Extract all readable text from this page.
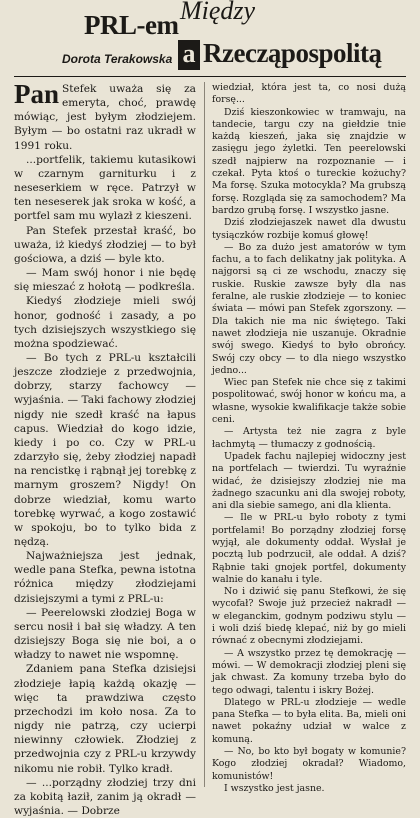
PRL-em Między
a Rzecząpospolitą
Dorota Terakowska

Pan Stefek uważa się za emeryta, choć, prawdę mówiąc, jest byłym złodziejem. Byłym — bo ostatni raz ukradł w 1991 roku.

...portfelik, takiemu kutasikowi w czarnym garniturku i z neseserkiem w ręce. Patrzył w ten neseserek jak sroka w kość, a portfel sam mu wylazł z kieszeni.

Pan Stefek przestał kraść, bo uważa, iż kiedyś złodziej — to był gościowa, a dziś — byle kto.

— Mam swój honor i nie będę się mieszać z hołotą — podkreśla.

Kiedyś złodzieje mieli swój honor, godność i zasady, a po tych dzisiejszych wszystkiego się można spodziewać.

— Bo tych z PRL-u kształcili jeszcze złodzieje z przedwojnia, dobrzy, starzy fachowcy — wyjaśnia. — Taki fachowy złodziej nigdy nie szedł kraść na łapus capus. Wiedział do kogo idzie, kiedy i po co. Czy w PRL-u zdarzyło się, żeby złodziej napadł na rencistkę i rąbnął jej torebkę z marnym groszem? Nigdy! On dobrze wiedział, komu warto torebkę wyrwać, a kogo zostawić w spokoju, bo to tylko bida z nędzą.

Najważniejsza jest jednak, wedle pana Stefka, pewna istotna różnica między złodziejami dzisiejszymi a tymi z PRL-u:

— Peerelowski złodziej Boga w sercu nosił i bał się władzy. A ten dzisiejszy Boga się nie boi, a o władzy to nawet nie wspomnę.

Zdaniem pana Stefka dzisiejsi złodzieje łapią każdą okazję — więc ta prawdziwa często przechodzi im koło nosa. Za to nigdy nie patrzą, czy ucierpi niewinny człowiek. Złodziej z przedwojnia czy z PRL-u krzywdy nikomu nie robił. Tylko kradł.

— ...porządny złodziej trzy dni za kobitą łaził, zanim ją okradł — wyjaśnia. — Dobrze

wiedział, która jest ta, co nosi dużą forsę...

Dziś kieszonkowiec w tramwaju, na tandecie, targu czy na giełdzie tnie każdą kieszeń, jaka się znajdzie w zasięgu jego żyletki. Ten peerelowski szedł najpierw na rozpoznanie — i czekał. Pyta ktoś o tureckie kożuchy? Ma forsę. Szuka motocykla? Ma grubszą forsę. Rozgląda się za samochodem? Ma bardzo grubą forsę. I wszystko jasne.

Dziś złodziejaszek nawet dla dwustu tysiączków rozbije komuś głowę!

— Bo za dużo jest amatorów w tym fachu, a to fach delikatny jak polityka. A najgorsi są ci ze wschodu, znaczy się ruskie. Ruskie zawsze były dla nas feralne, ale ruskie złodzieje — to koniec świata — mówi pan Stefek zgorszony. — Dla takich nie ma nic świętego. Taki nawet złodzieja nie uszanuje. Okradnie swój swego. Kiedyś to było obrońcy. Swój czy obcy — to dla niego wszystko jedno...

Wiec pan Stefek nie chce się z takimi pospolitować, swój honor w końcu ma, a własne, wysokie kwalifikacje także sobie ceni.

— Artysta też nie zagra z byle łachmytą — tłumaczy z godnością.

Upadek fachu najlepiej widoczny jest na portfelach — twierdzi. Tu wyraźnie widać, że dzisiejszy złodziej nie ma żadnego szacunku ani dla swojej roboty, ani dla siebie samego, ani dla klienta.

— Ile w PRL-u było roboty z tymi portfelami! Bo porządny złodziej forsę wyjął, ale dokumenty oddał. Wysłał je pocztą lub podrzucił, ale oddał. A dziś? Rąbnie taki gnojek portfel, dokumenty walnie do kanału i tyle.

No i dziwić się panu Stefkowi, że się wycofał? Swoje już przecież nakradł — w eleganckim, godnym podziwu stylu — i woli dziś biedę klepać, niż by go mieli równać z obecnymi złodziejami.

— A wszystko przez tę demokrację — mówi. — W demokracji złodziej pleni się jak chwast. Za komuny trzeba było do tego odwagi, talentu i iskry Bożej.

Dlatego w PRL-u złodzieje — wedle pana Stefka — to była elita. Ba, mieli oni nawet pokaźny udział w walce z komuną.

— No, bo kto był bogaty w komunie? Kogo złodziej okradał? Wiadomo, komunistów!

I wszystko jest jasne.
